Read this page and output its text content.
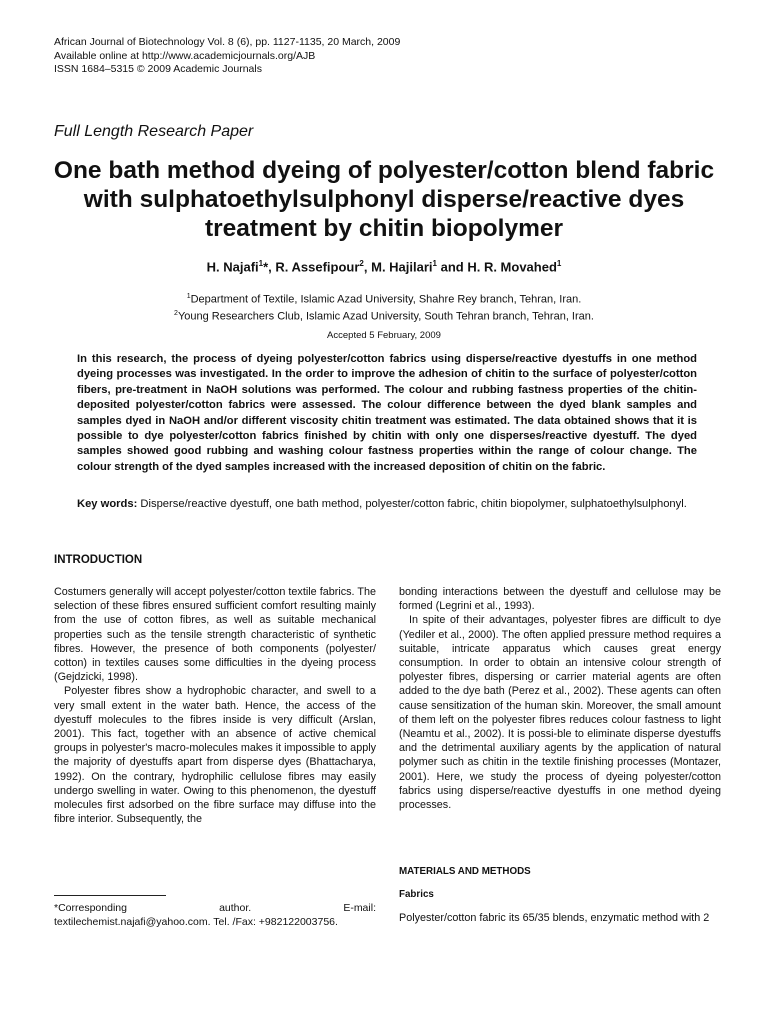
African Journal of Biotechnology Vol. 8 (6), pp. 1127-1135, 20 March, 2009
Available online at http://www.academicjournals.org/AJB
ISSN 1684–5315 © 2009 Academic Journals
Full Length Research Paper
One bath method dyeing of polyester/cotton blend fabric with sulphatoethylsulphonyl disperse/reactive dyes treatment by chitin biopolymer
H. Najafi$^1$*, R. Assefipour$^2$, M. Hajilari$^1$ and H. R. Movahed$^1$
$^1$Department of Textile, Islamic Azad University, Shahre Rey branch, Tehran, Iran.
$^2$Young Researchers Club, Islamic Azad University, South Tehran branch, Tehran, Iran.
Accepted 5 February, 2009
In this research, the process of dyeing polyester/cotton fabrics using disperse/reactive dyestuffs in one method dyeing processes was investigated. In the order to improve the adhesion of chitin to the surface of polyester/cotton fibers, pre-treatment in NaOH solutions was performed. The colour and rubbing fastness properties of the chitin-deposited polyester/cotton fabrics were assessed. The colour difference between the dyed blank samples and samples dyed in NaOH and/or different viscosity chitin treatment was estimated. The data obtained shows that it is possible to dye polyester/cotton fabrics finished by chitin with only one disperses/reactive dyestuff. The dyed samples showed good rubbing and washing colour fastness properties within the range of colour change. The colour strength of the dyed samples increased with the increased deposition of chitin on the fabric.
Key words: Disperse/reactive dyestuff, one bath method, polyester/cotton fabric, chitin biopolymer, sulphatoethylsulphonyl.
INTRODUCTION

Costumers generally will accept polyester/cotton textile fabrics. The selection of these fibres ensured sufficient comfort resulting mainly from the use of cotton fibres, as well as suitable mechanical properties such as the tensile strength characteristic of synthetic fibres. However, the presence of both components (polyester/ cotton) in textiles causes some difficulties in the dyeing process (Gejdzicki, 1998).

Polyester fibres show a hydrophobic character, and swell to a very small extent in the water bath. Hence, the access of the dyestuff molecules to the fibres inside is very difficult (Arslan, 2001). This fact, together with an absence of active chemical groups in polyester's macro-molecules makes it impossible to apply the majority of dyestuffs apart from disperse dyes (Bhattacharya, 1992). On the contrary, hydrophilic cellulose fibres may easily undergo swelling in water. Owing to this phenomenon, the dyestuff molecules first adsorbed on the fibre surface may diffuse into the fibre interior. Subsequently, the

bonding interactions between the dyestuff and cellulose may be formed (Legrini et al., 1993).

In spite of their advantages, polyester fibres are difficult to dye (Yediler et al., 2000). The often applied pressure method requires a suitable, intricate apparatus which causes great energy consumption. In order to obtain an intensive colour strength of polyester fibres, dispersing or carrier material agents are often added to the dye bath (Perez et al., 2002). These agents can often cause sensitization of the human skin. Moreover, the small amount of them left on the polyester fibres reduces colour fastness to light (Neamtu et al., 2002). It is possi-ble to eliminate disperse dyestuffs and the detrimental auxiliary agents by the application of natural polymer such as chitin in the textile finishing processes (Montazer, 2001). Here, we study the process of dyeing polyester/cotton fabrics using disperse/reactive dyestuffs in one method dyeing processes.

MATERIALS AND METHODS
Fabrics
Polyester/cotton fabric its 65/35 blends, enzymatic method with 2
*Corresponding	author.	E-mail:
textilechemist.najafi@yahoo.com. Tel. /Fax: +982122003756.
